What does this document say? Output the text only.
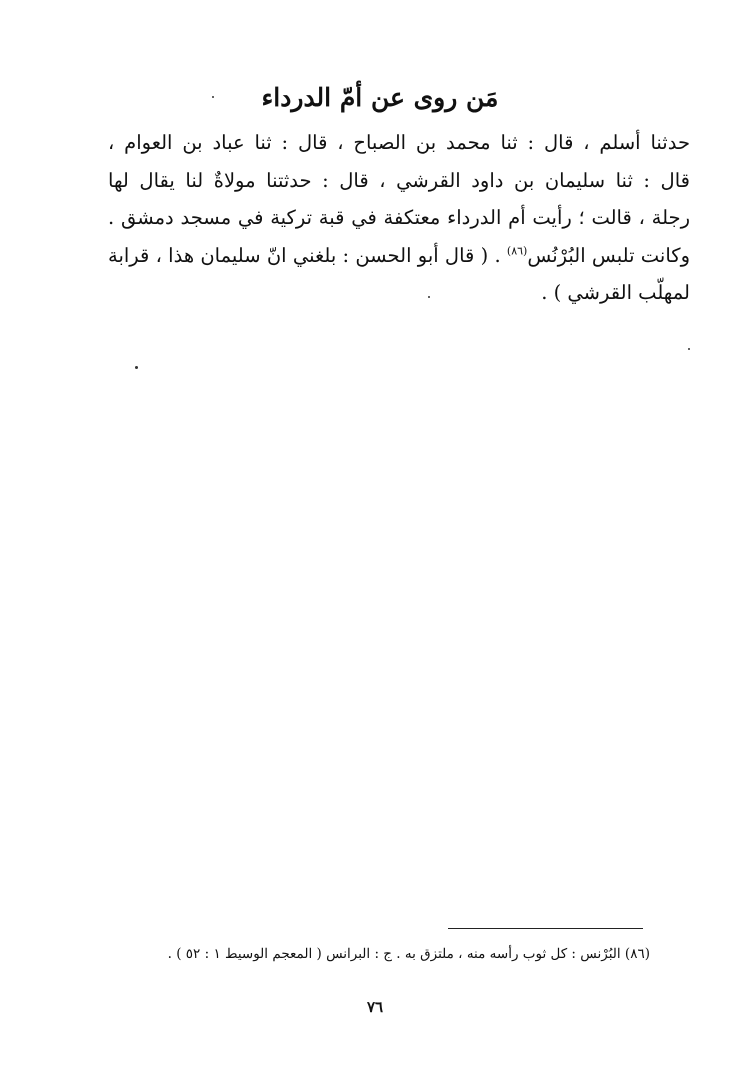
مَن روى عن أمّ الدرداء
حدثنا أسلم ، قال : ثنا محمد بن الصباح ، قال : ثنا عباد بن العوام ،
قال : ثنا سليمان بن داود القرشي ، قال : حدثتنا مولاةٌ لنا يقال لها
رجلة ، قالت ؛ رأيت أم الدرداء معتكفة في قبة تركية في مسجد دمشق .
وكانت تلبس البُرْنُس$^{(٨٦)}$ . ( قال أبو الحسن : بلغني انّ سليمان هذا ، قرابة
لمهلّب القرشي ) .
(٨٦) البُرْنس : كل ثوب رأسه منه ، ملتزق به . ج : البرانس ( المعجم الوسيط ١ : ٥٢ ) .
٧٦
